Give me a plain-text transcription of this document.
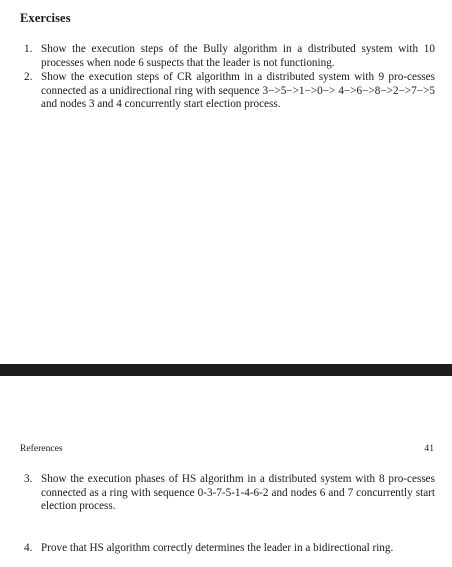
Exercises
1. Show the execution steps of the Bully algorithm in a distributed system with 10 processes when node 6 suspects that the leader is not functioning.
2. Show the execution steps of CR algorithm in a distributed system with 9 pro-cesses connected as a unidirectional ring with sequence 3−>5−>1−>0−> 4−>6−>8−>2−>7−>5 and nodes 3 and 4 concurrently start election process.
References	41
3. Show the execution phases of HS algorithm in a distributed system with 8 pro-cesses connected as a ring with sequence 0-3-7-5-1-4-6-2 and nodes 6 and 7 concurrently start election process.
4. Prove that HS algorithm correctly determines the leader in a bidirectional ring.
